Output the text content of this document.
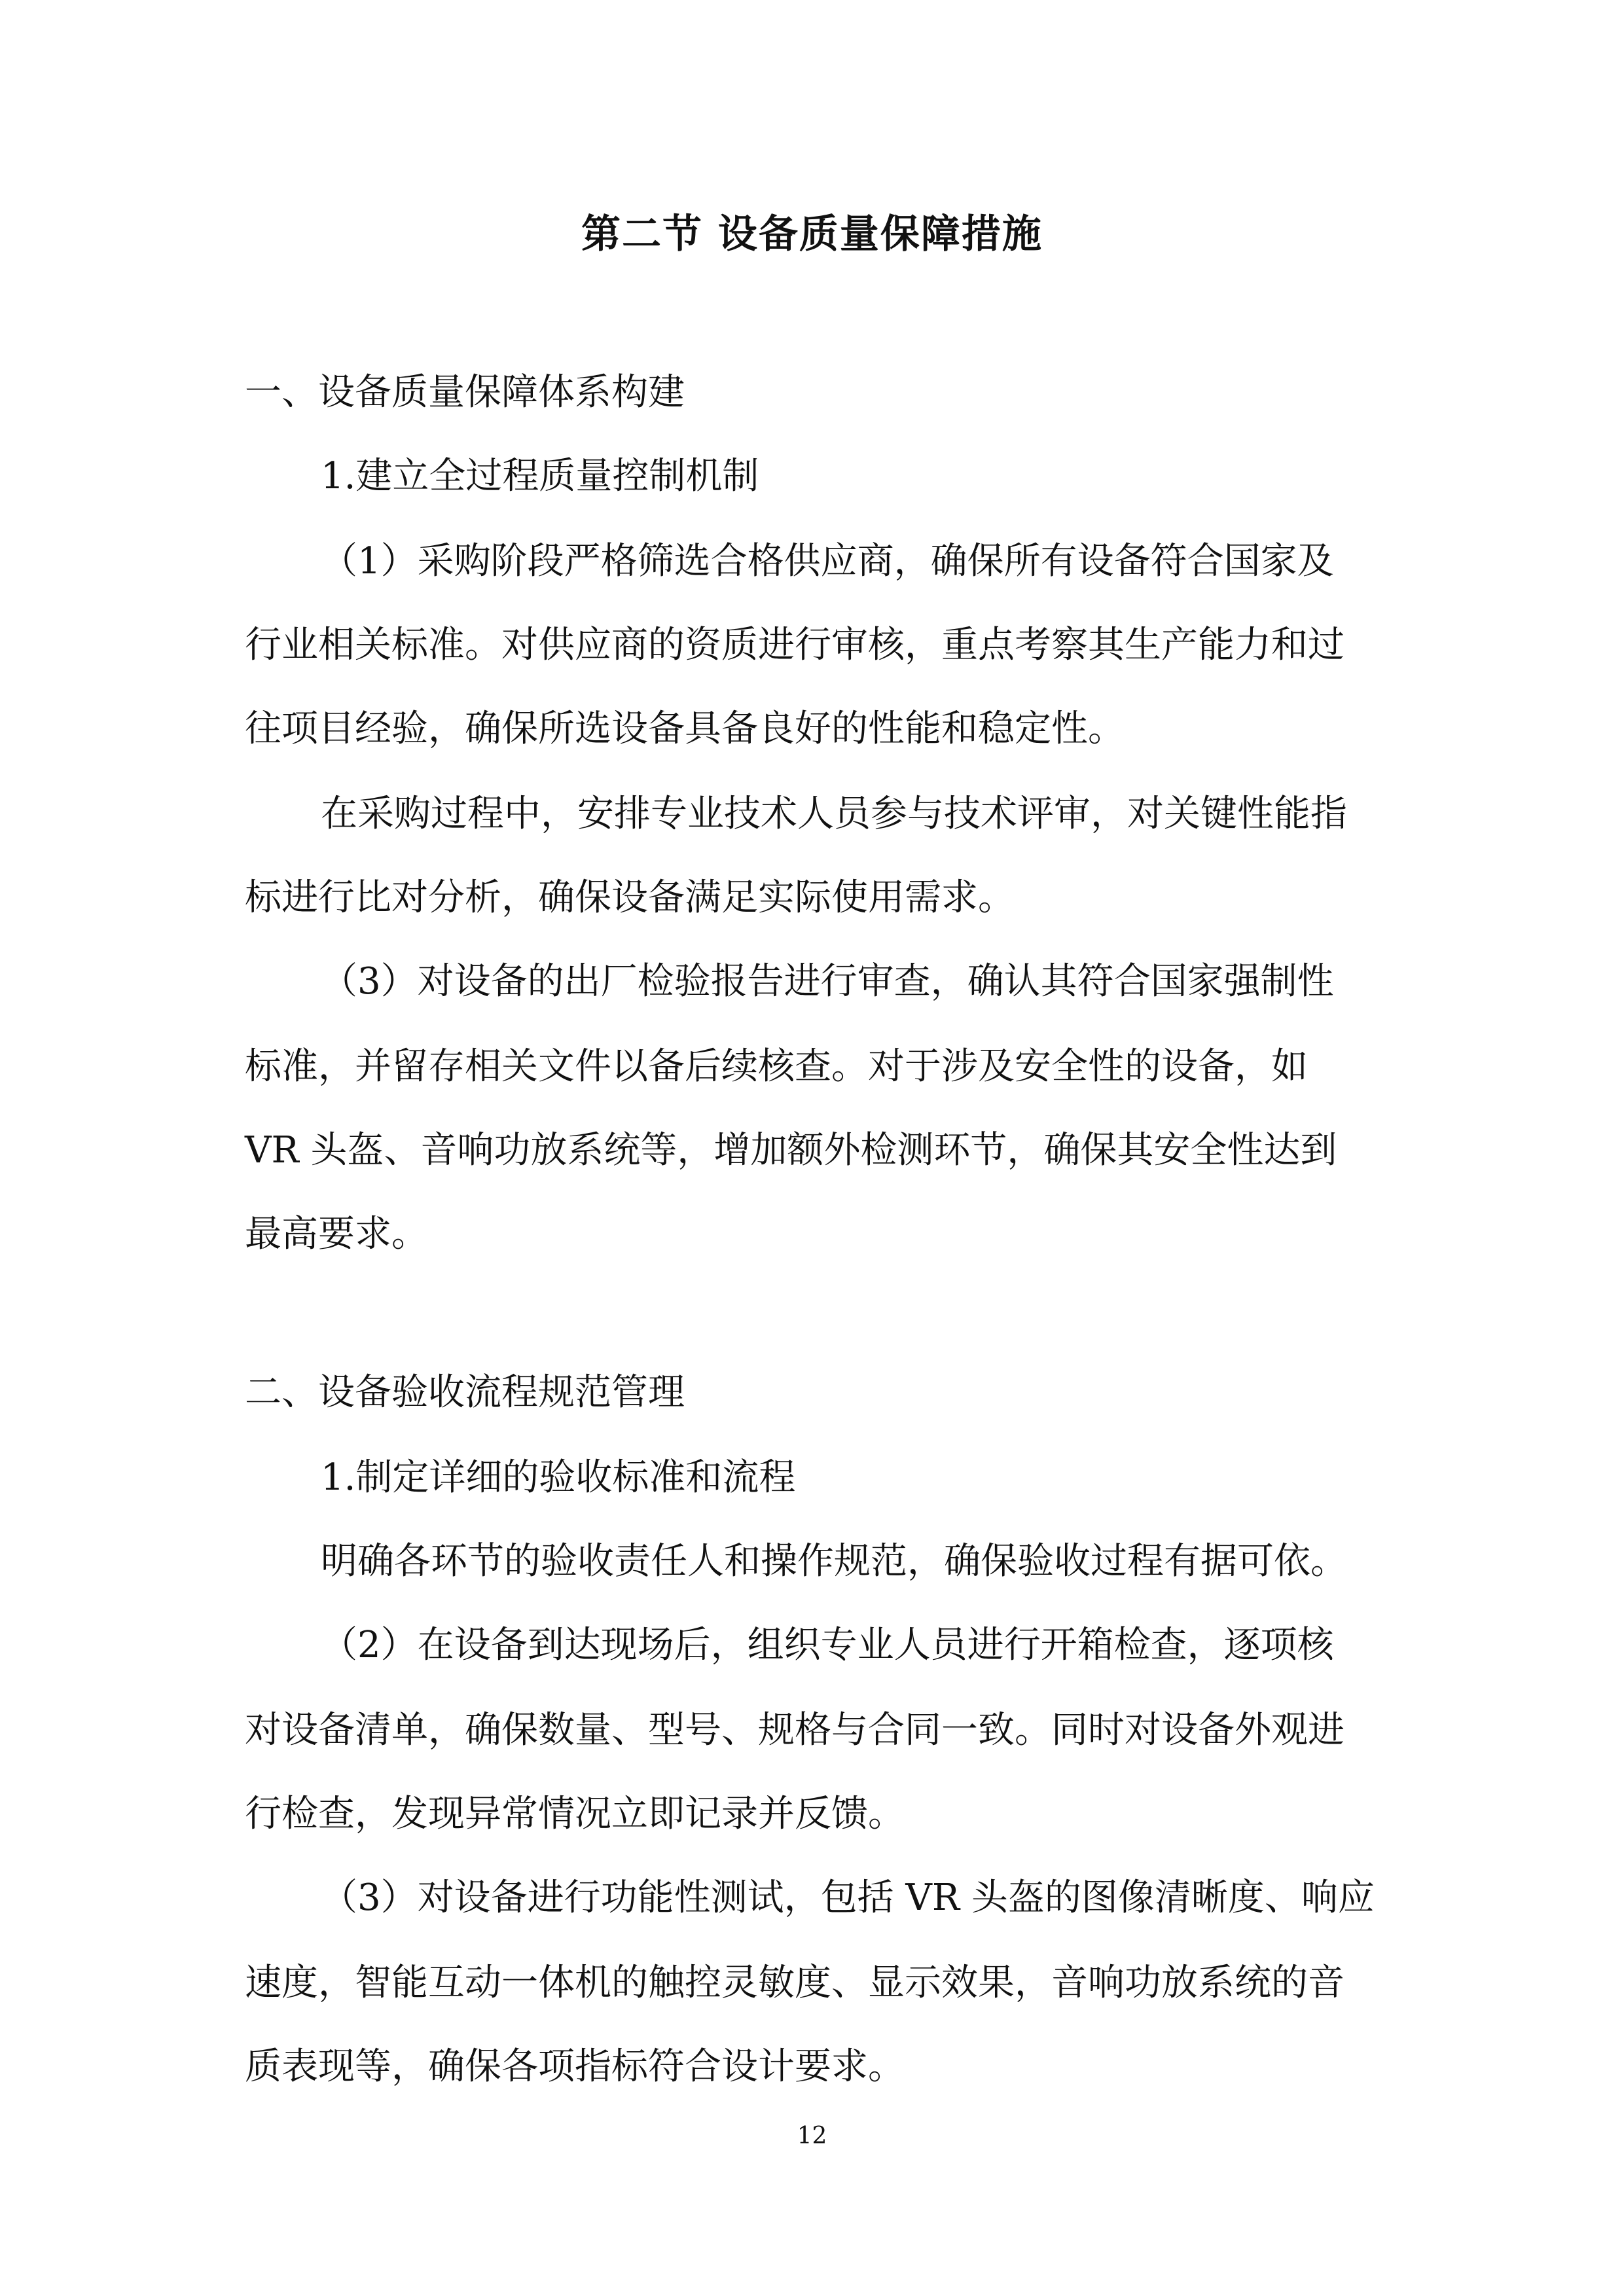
第二节 设备质量保障措施
一、设备质量保障体系构建
1.建立全过程质量控制机制
（1）采购阶段严格筛选合格供应商，确保所有设备符合国家及
行业相关标准。对供应商的资质进行审核，重点考察其生产能力和过
往项目经验，确保所选设备具备良好的性能和稳定性。
在采购过程中，安排专业技术人员参与技术评审，对关键性能指
标进行比对分析，确保设备满足实际使用需求。
（3）对设备的出厂检验报告进行审查，确认其符合国家强制性
标准，并留存相关文件以备后续核查。对于涉及安全性的设备，如
VR 头盔、音响功放系统等，增加额外检测环节，确保其安全性达到
最高要求。
二、设备验收流程规范管理
1.制定详细的验收标准和流程
明确各环节的验收责任人和操作规范，确保验收过程有据可依。
（2）在设备到达现场后，组织专业人员进行开箱检查，逐项核
对设备清单，确保数量、型号、规格与合同一致。同时对设备外观进
行检查，发现异常情况立即记录并反馈。
（3）对设备进行功能性测试，包括 VR 头盔的图像清晰度、响应
速度，智能互动一体机的触控灵敏度、显示效果，音响功放系统的音
质表现等，确保各项指标符合设计要求。
12
